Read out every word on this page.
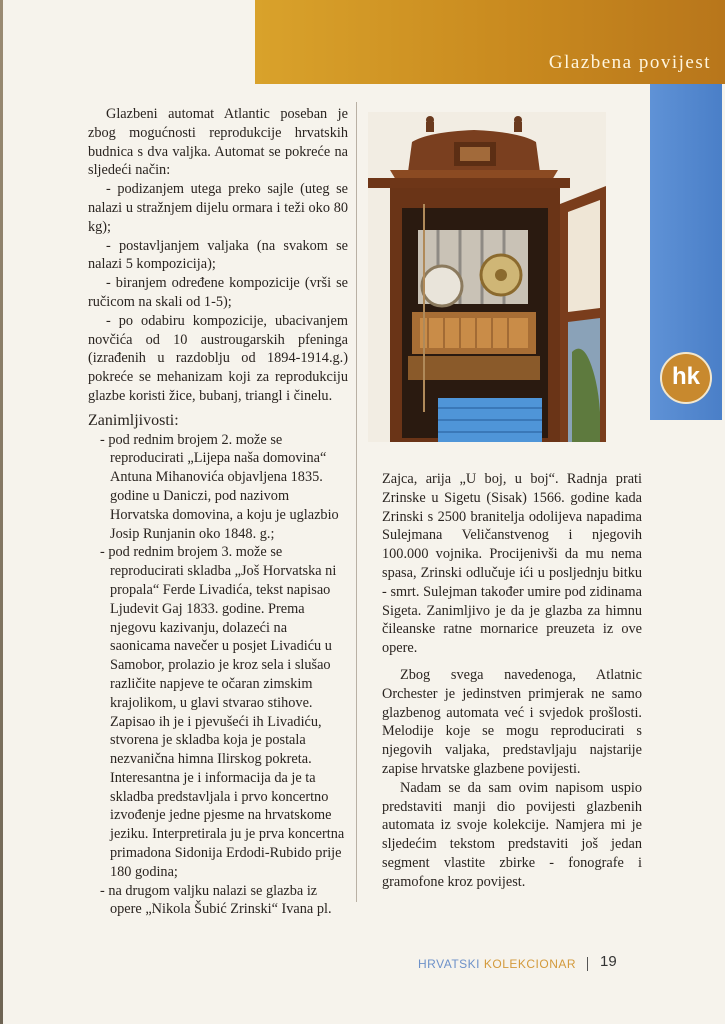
Glazbena povijest
hk

Glazbeni automat Atlantic poseban je zbog mogućnosti reprodukcije hrvatskih budnica s dva valjka. Automat se pokreće na sljedeći način:

- podizanjem utega preko sajle (uteg se nalazi u stražnjem dijelu ormara i teži oko 80 kg);

- postavljanjem valjaka (na svakom se nalazi 5 kompozicija);

- biranjem određene kompozicije (vrši se ručicom na skali od 1-5);

- po odabiru kompozicije, ubacivanjem novčića od 10 austrougarskih pfeninga (izrađenih u razdoblju od 1894-1914.g.) pokreće se mehanizam koji za reprodukciju glazbe koristi žice, bubanj, triangl i činelu.

Zanimljivosti:

- pod rednim brojem 2. može se reproducirati „Lijepa naša domovina“ Antuna Mihanovića objavljena 1835. godine u Daniczi, pod nazivom Horvatska domovina, a koju je uglazbio Josip Runjanin oko 1848. g.;

- pod rednim brojem 3. može se reproducirati skladba „Još Horvatska ni propala“ Ferde Livadića, tekst napisao Ljudevit Gaj 1833. godine. Prema njegovu kazivanju, dolazeći na saonicama navečer u posjet Livadiću u Samobor, prolazio je kroz sela i slušao različite napjeve te očaran zimskim krajolikom, u glavi stvarao stihove. Zapisao ih je i pjevušeći ih Livadiću, stvorena je skladba koja je postala nezvanična himna Ilirskog pokreta. Interesantna je i informacija da je ta skladba predstavljala i prvo koncertno izvođenje jedne pjesme na hrvatskome jeziku. Interpretirala ju je prva koncertna primadona Sidonija Erdodi-Rubido prije 180 godina;

- na drugom valjku nalazi se glazba iz opere „Nikola Šubić Zrinski“ Ivana pl.

Zajca, arija „U boj, u boj“. Radnja prati Zrinske u Sigetu (Sisak) 1566. godine kada Zrinski s 2500 branitelja odolijeva napadima Sulejmana Veličanstvenog i njegovih 100.000 vojnika. Procijenivši da mu nema spasa, Zrinski odlučuje ići u posljednju bitku - smrt. Sulejman također umire pod zidinama Sigeta. Zanimljivo je da je glazba za himnu čileanske ratne mornarice preuzeta iz ove opere.

Zbog svega navedenoga, Atlatnic Orchester je jedinstven primjerak ne samo glazbenog automata već i svjedok prošlosti. Melodije koje se mogu reproducirati s njegovih valjaka, predstavljaju najstarije zapise hrvatske glazbene povijesti.

Nadam se da sam ovim napisom uspio predstaviti manji dio povijesti glazbenih automata iz svoje kolekcije. Namjera mi je sljedećim tekstom predstaviti još jedan segment vlastite zbirke - fonografe i gramofone kroz povijest.

HRVATSKI KOLEKCIONAR 19
